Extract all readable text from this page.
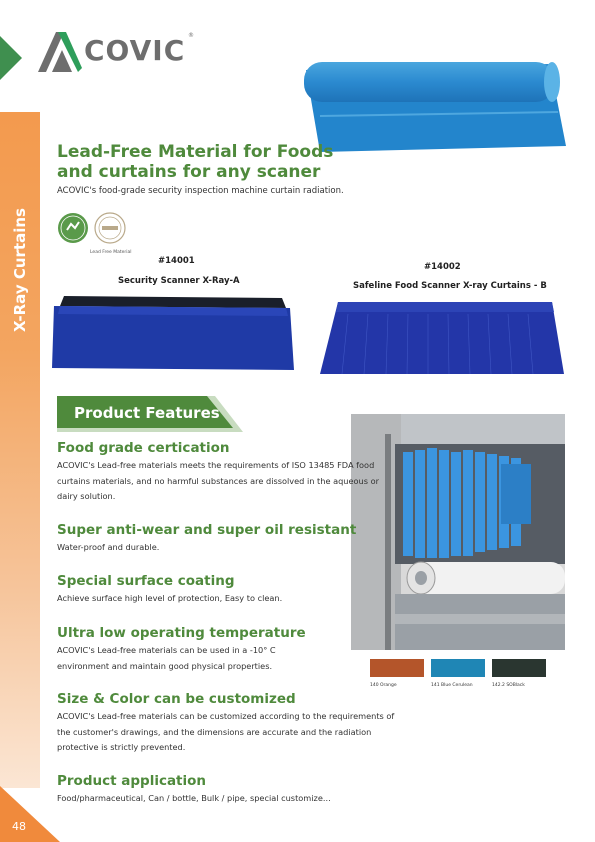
COVIC ®
X-Ray Curtains
48
Lead-Free Material for Foods
and curtains for any scaner
ACOVIC's food-grade security inspection machine curtain radiation.
Lead Free Material
#14001
Security Scanner X-Ray-A
#14002
Safeline Food Scanner X-ray Curtains - B
Product Features
140 Orange	141 Blue Cerulean	142.2 SOBlack
Food grade certication
ACOVIC's Lead-free materials meets the requirements of ISO 13485 FDA food curtains materials, and no harmful substances are dissolved in the aqueous or dairy solution.
Super anti-wear and super oil resistant
Water-proof and durable.
Special surface coating
Achieve surface high level of protection, Easy to clean.
Ultra low operating temperature
ACOVIC's Lead-free materials can be used in a -10° C environment and maintain good physical properties.
Size & Color can be customized
ACOVIC's Lead-free materials can be customized according to the requirements of the customer's drawings, and the dimensions are accurate and the radiation protective is strictly prevented.
Product application
Food/pharmaceutical, Can / bottle, Bulk / pipe, special customize...
